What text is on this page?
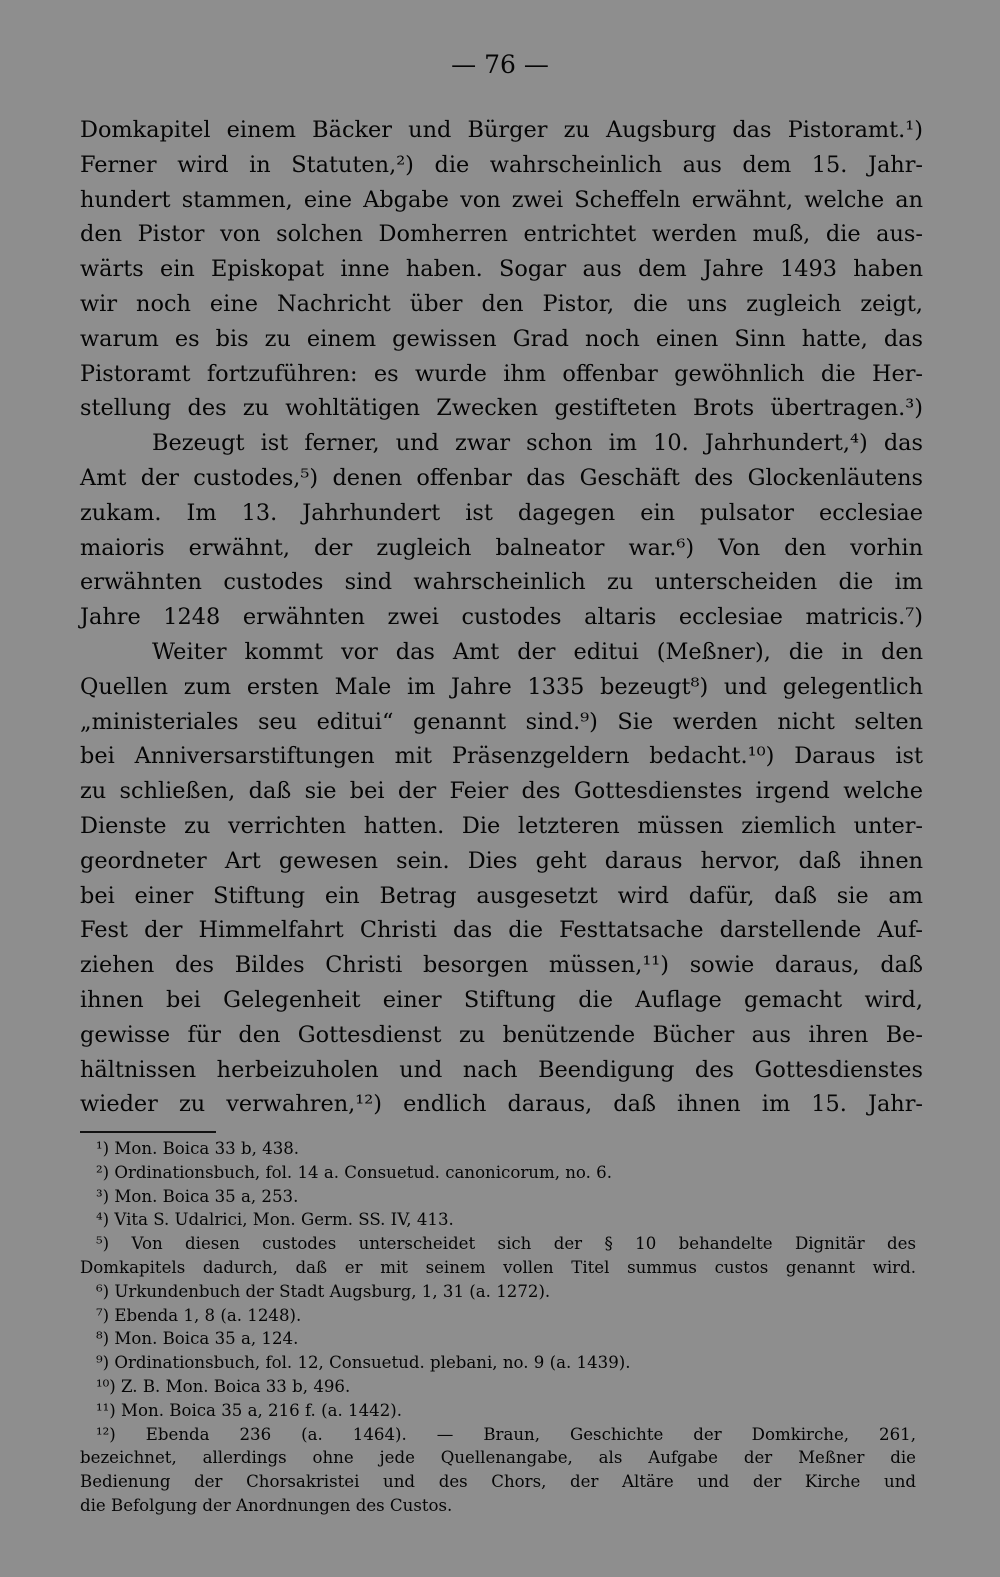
— 76 —
Domkapitel einem Bäcker und Bürger zu Augsburg das Pistoramt.¹)
Ferner wird in Statuten,²) die wahrscheinlich aus dem 15. Jahr-
hundert stammen, eine Abgabe von zwei Scheffeln erwähnt, welche an
den Pistor von solchen Domherren entrichtet werden muß, die aus-
wärts ein Episkopat inne haben. Sogar aus dem Jahre 1493 haben
wir noch eine Nachricht über den Pistor, die uns zugleich zeigt,
warum es bis zu einem gewissen Grad noch einen Sinn hatte, das
Pistoramt fortzuführen: es wurde ihm offenbar gewöhnlich die Her-
stellung des zu wohltätigen Zwecken gestifteten Brots übertragen.³)
Bezeugt ist ferner, und zwar schon im 10. Jahrhundert,⁴) das
Amt der custodes,⁵) denen offenbar das Geschäft des Glockenläutens
zukam. Im 13. Jahrhundert ist dagegen ein pulsator ecclesiae
maioris erwähnt, der zugleich balneator war.⁶) Von den vorhin
erwähnten custodes sind wahrscheinlich zu unterscheiden die im
Jahre 1248 erwähnten zwei custodes altaris ecclesiae matricis.⁷)
Weiter kommt vor das Amt der editui (Meßner), die in den
Quellen zum ersten Male im Jahre 1335 bezeugt⁸) und gelegentlich
„ministeriales seu editui“ genannt sind.⁹) Sie werden nicht selten
bei Anniversarstiftungen mit Präsenzgeldern bedacht.¹⁰) Daraus ist
zu schließen, daß sie bei der Feier des Gottesdienstes irgend welche
Dienste zu verrichten hatten. Die letzteren müssen ziemlich unter-
geordneter Art gewesen sein. Dies geht daraus hervor, daß ihnen
bei einer Stiftung ein Betrag ausgesetzt wird dafür, daß sie am
Fest der Himmelfahrt Christi das die Festtatsache darstellende Auf-
ziehen des Bildes Christi besorgen müssen,¹¹) sowie daraus, daß
ihnen bei Gelegenheit einer Stiftung die Auflage gemacht wird,
gewisse für den Gottesdienst zu benützende Bücher aus ihren Be-
hältnissen herbeizuholen und nach Beendigung des Gottesdienstes
wieder zu verwahren,¹²) endlich daraus, daß ihnen im 15. Jahr-
¹) Mon. Boica 33 b, 438.
²) Ordinationsbuch, fol. 14 a. Consuetud. canonicorum, no. 6.
³) Mon. Boica 35 a, 253.
⁴) Vita S. Udalrici, Mon. Germ. SS. IV, 413.
⁵) Von diesen custodes unterscheidet sich der § 10 behandelte Dignitär des
Domkapitels dadurch, daß er mit seinem vollen Titel summus custos genannt wird.
⁶) Urkundenbuch der Stadt Augsburg, 1, 31 (a. 1272).
⁷) Ebenda 1, 8 (a. 1248).
⁸) Mon. Boica 35 a, 124.
⁹) Ordinationsbuch, fol. 12, Consuetud. plebani, no. 9 (a. 1439).
¹⁰) Z. B. Mon. Boica 33 b, 496.
¹¹) Mon. Boica 35 a, 216 f. (a. 1442).
¹²) Ebenda 236 (a. 1464). — Braun, Geschichte der Domkirche, 261,
bezeichnet, allerdings ohne jede Quellenangabe, als Aufgabe der Meßner die
Bedienung der Chorsakristei und des Chors, der Altäre und der Kirche und
die Befolgung der Anordnungen des Custos.
